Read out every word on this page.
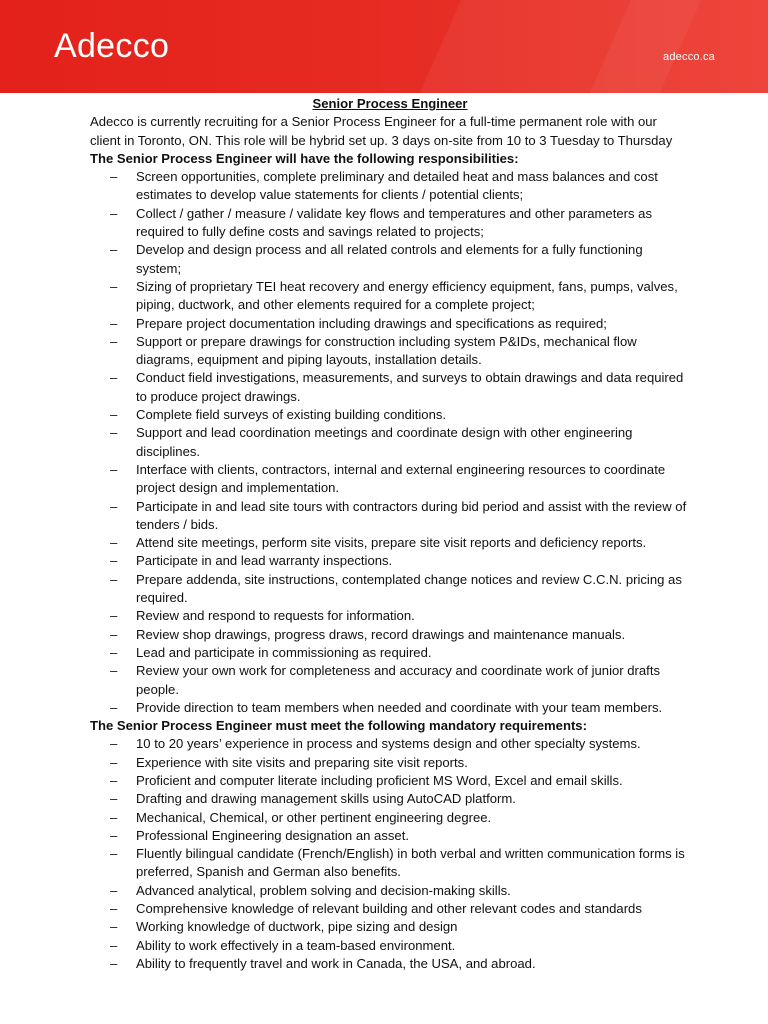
Adecco	adecco.ca

Senior Process Engineer

Adecco is currently recruiting for a Senior Process Engineer for a full-time permanent role with our client in Toronto, ON. This role will be hybrid set up. 3 days on-site from 10 to 3 Tuesday to Thursday

The Senior Process Engineer will have the following responsibilities:

– Screen opportunities, complete preliminary and detailed heat and mass balances and cost estimates to develop value statements for clients / potential clients;
– Collect / gather / measure / validate key flows and temperatures and other parameters as required to fully define costs and savings related to projects;
– Develop and design process and all related controls and elements for a fully functioning system;
– Sizing of proprietary TEI heat recovery and energy efficiency equipment, fans, pumps, valves, piping, ductwork, and other elements required for a complete project;
– Prepare project documentation including drawings and specifications as required;
– Support or prepare drawings for construction including system P&IDs, mechanical flow diagrams, equipment and piping layouts, installation details.
– Conduct field investigations, measurements, and surveys to obtain drawings and data required to produce project drawings.
– Complete field surveys of existing building conditions.
– Support and lead coordination meetings and coordinate design with other engineering disciplines.
– Interface with clients, contractors, internal and external engineering resources to coordinate project design and implementation.
– Participate in and lead site tours with contractors during bid period and assist with the review of tenders / bids.
– Attend site meetings, perform site visits, prepare site visit reports and deficiency reports.
– Participate in and lead warranty inspections.
– Prepare addenda, site instructions, contemplated change notices and review C.C.N. pricing as required.
– Review and respond to requests for information.
– Review shop drawings, progress draws, record drawings and maintenance manuals.
– Lead and participate in commissioning as required.
– Review your own work for completeness and accuracy and coordinate work of junior drafts people.
– Provide direction to team members when needed and coordinate with your team members.

The Senior Process Engineer must meet the following mandatory requirements:

– 10 to 20 years’ experience in process and systems design and other specialty systems.
– Experience with site visits and preparing site visit reports.
– Proficient and computer literate including proficient MS Word, Excel and email skills.
– Drafting and drawing management skills using AutoCAD platform.
– Mechanical, Chemical, or other pertinent engineering degree.
– Professional Engineering designation an asset.
– Fluently bilingual candidate (French/English) in both verbal and written communication forms is preferred, Spanish and German also benefits.
– Advanced analytical, problem solving and decision-making skills.
– Comprehensive knowledge of relevant building and other relevant codes and standards
– Working knowledge of ductwork, pipe sizing and design
– Ability to work effectively in a team-based environment.
– Ability to frequently travel and work in Canada, the USA, and abroad.
